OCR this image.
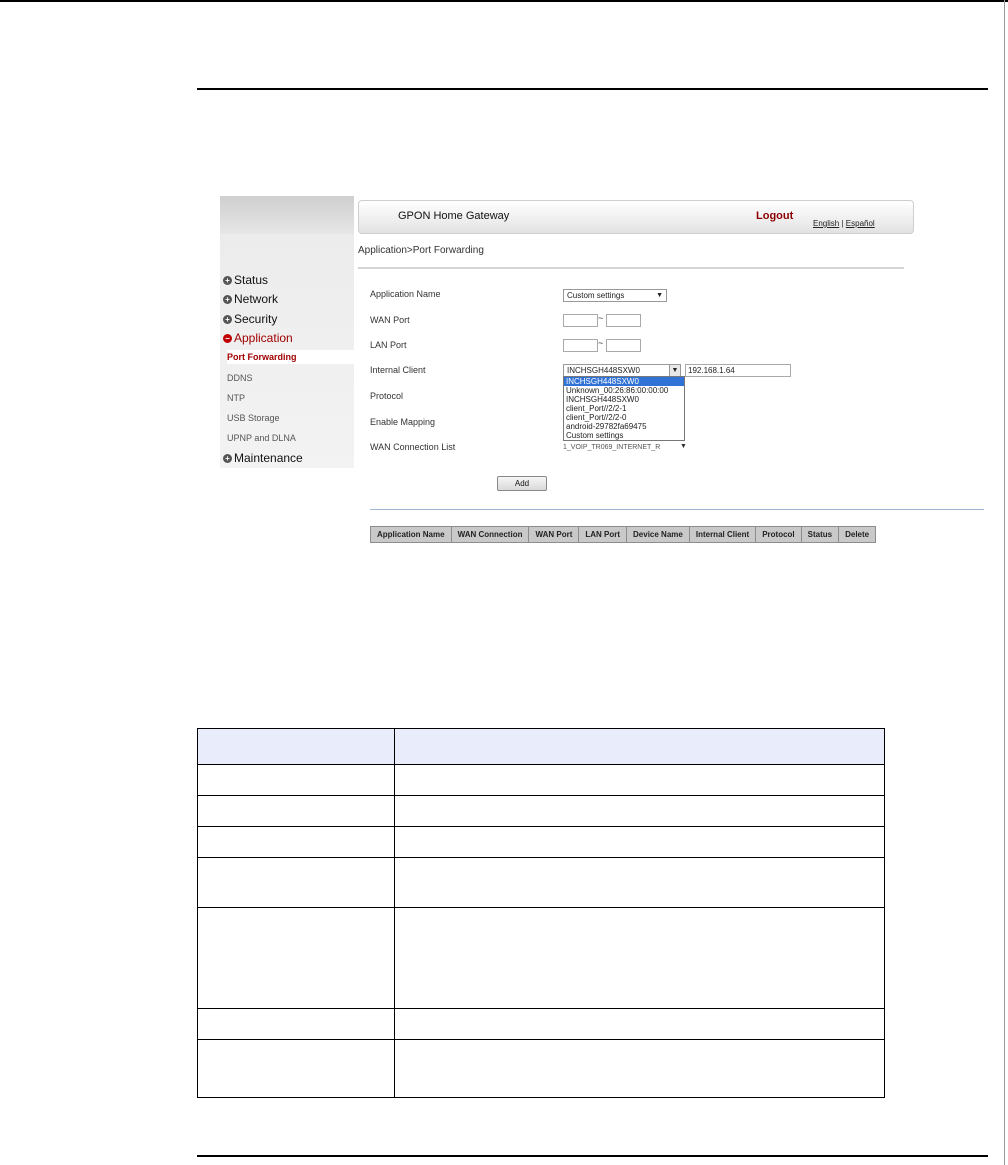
+ Status
+ Network
+ Security
− Application
Port Forwarding
DDNS
NTP
USB Storage
UPNP and DLNA
+ Maintenance
GPON Home Gateway	Logout
English | Español
Application>Port Forwarding
Application Name	Custom settings	▼
WAN Port	~
LAN Port	~
Internal Client	INCHSGH448SXW0	▼	192.168.1.64
Protocol
Enable Mapping
WAN Connection List	1_VOIP_TR069_INTERNET_R	▼
INCHSGH448SXW0
Unknown_00:26:86:00:00:00
INCHSGH448SXW0
client_Port//2/2-1
client_Port//2/2-0
android-29782fa69475
Custom settings
Add
Application Name	WAN Connection	WAN Port	LAN Port	Device Name	Internal Client	Protocol	Status	Delete
